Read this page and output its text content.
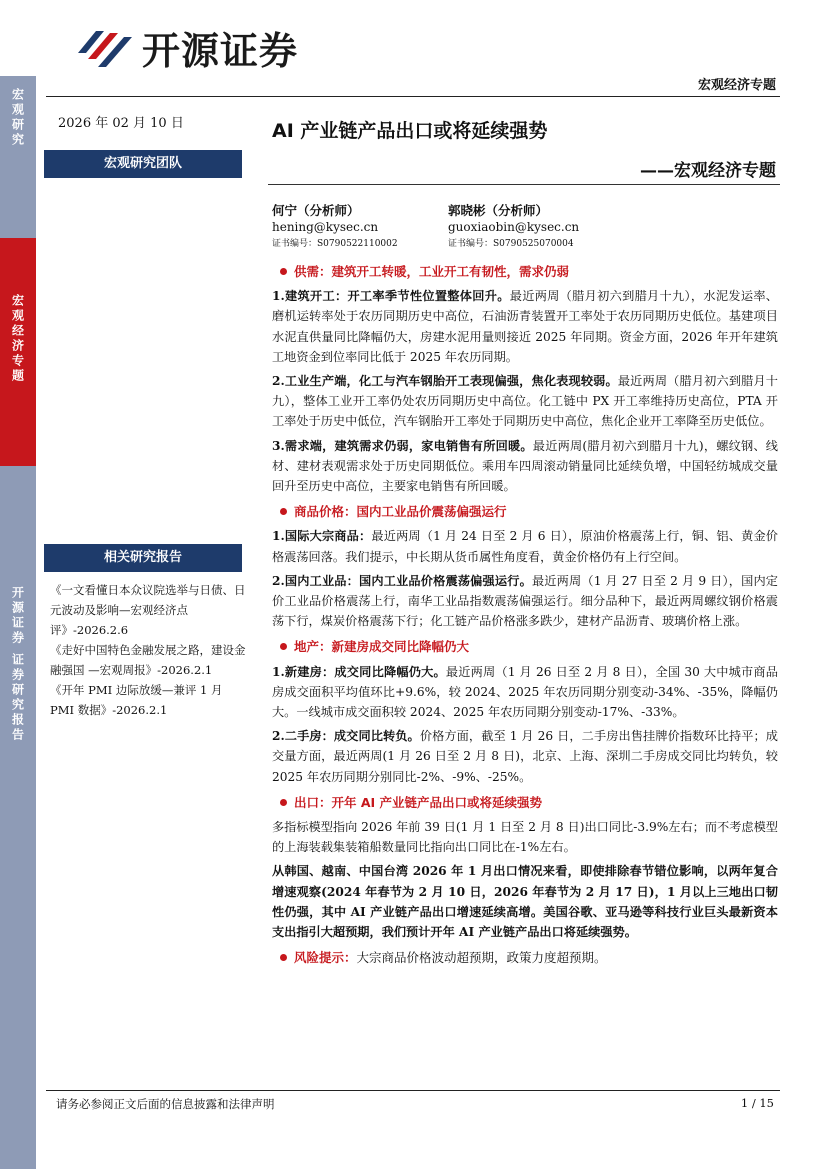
开源证券
宏观经济专题
宏观研究
宏观经济专题
开源证券 证券研究报告
2026 年 02 月 10 日
宏观研究团队
相关研究报告

《一文看懂日本众议院选举与日债、日元波动及影响—宏观经济点评》-2026.2.6

《走好中国特色金融发展之路，建设金融强国 —宏观周报》-2026.2.1

《开年 PMI 边际放缓—兼评 1 月 PMI 数据》-2026.2.1

AI 产业链产品出口或将延续强势
——宏观经济专题
何宁（分析师）
hening@kysec.cn
证书编号：S0790522110002
郭晓彬（分析师）
guoxiaobin@kysec.cn
证书编号：S0790525070004

供需：建筑开工转暖，工业开工有韧性，需求仍弱

1.建筑开工：开工率季节性位置整体回升。最近两周（腊月初六到腊月十九），水泥发运率、磨机运转率处于农历同期历史中高位，石油沥青装置开工率处于农历同期历史低位。基建项目水泥直供量同比降幅仍大，房建水泥用量则接近 2025 年同期。资金方面，2026 年开年建筑工地资金到位率同比低于 2025 年农历同期。

2.工业生产端，化工与汽车钢胎开工表现偏强，焦化表现较弱。最近两周（腊月初六到腊月十九），整体工业开工率仍处农历同期历史中高位。化工链中 PX 开工率维持历史高位，PTA 开工率处于历史中低位，汽车钢胎开工率处于同期历史中高位，焦化企业开工率降至历史低位。

3.需求端，建筑需求仍弱，家电销售有所回暖。最近两周(腊月初六到腊月十九)，螺纹钢、线材、建材表观需求处于历史同期低位。乘用车四周滚动销量同比延续负增，中国轻纺城成交量回升至历史中高位，主要家电销售有所回暖。

商品价格：国内工业品价震荡偏强运行

1.国际大宗商品：最近两周（1 月 24 日至 2 月 6 日），原油价格震荡上行，铜、铝、黄金价格震荡回落。我们提示，中长期从货币属性角度看，黄金价格仍有上行空间。

2.国内工业品：国内工业品价格震荡偏强运行。最近两周（1 月 27 日至 2 月 9 日），国内定价工业品价格震荡上行，南华工业品指数震荡偏强运行。细分品种下，最近两周螺纹钢价格震荡下行，煤炭价格震荡下行；化工链产品价格涨多跌少，建材产品沥青、玻璃价格上涨。

地产：新建房成交同比降幅仍大

1.新建房：成交同比降幅仍大。最近两周（1 月 26 日至 2 月 8 日），全国 30 大中城市商品房成交面积平均值环比+9.6%，较 2024、2025 年农历同期分别变动-34%、-35%，降幅仍大。一线城市成交面积较 2024、2025 年农历同期分别变动-17%、-33%。

2.二手房：成交同比转负。价格方面，截至 1 月 26 日，二手房出售挂牌价指数环比持平；成交量方面，最近两周(1 月 26 日至 2 月 8 日)，北京、上海、深圳二手房成交同比均转负，较 2025 年农历同期分别同比-2%、-9%、-25%。

出口：开年 AI 产业链产品出口或将延续强势

多指标模型指向 2026 年前 39 日(1 月 1 日至 2 月 8 日)出口同比-3.9%左右；而不考虑模型的上海装载集装箱船数量同比指向出口同比在-1%左右。

从韩国、越南、中国台湾 2026 年 1 月出口情况来看，即使排除春节错位影响，以两年复合增速观察(2024 年春节为 2 月 10 日，2026 年春节为 2 月 17 日)，1 月以上三地出口韧性仍强，其中 AI 产业链产品出口增速延续高增。美国谷歌、亚马逊等科技行业巨头最新资本支出指引大超预期，我们预计开年 AI 产业链产品出口将延续强势。

风险提示：大宗商品价格波动超预期，政策力度超预期。

请务必参阅正文后面的信息披露和法律声明	1 / 15
